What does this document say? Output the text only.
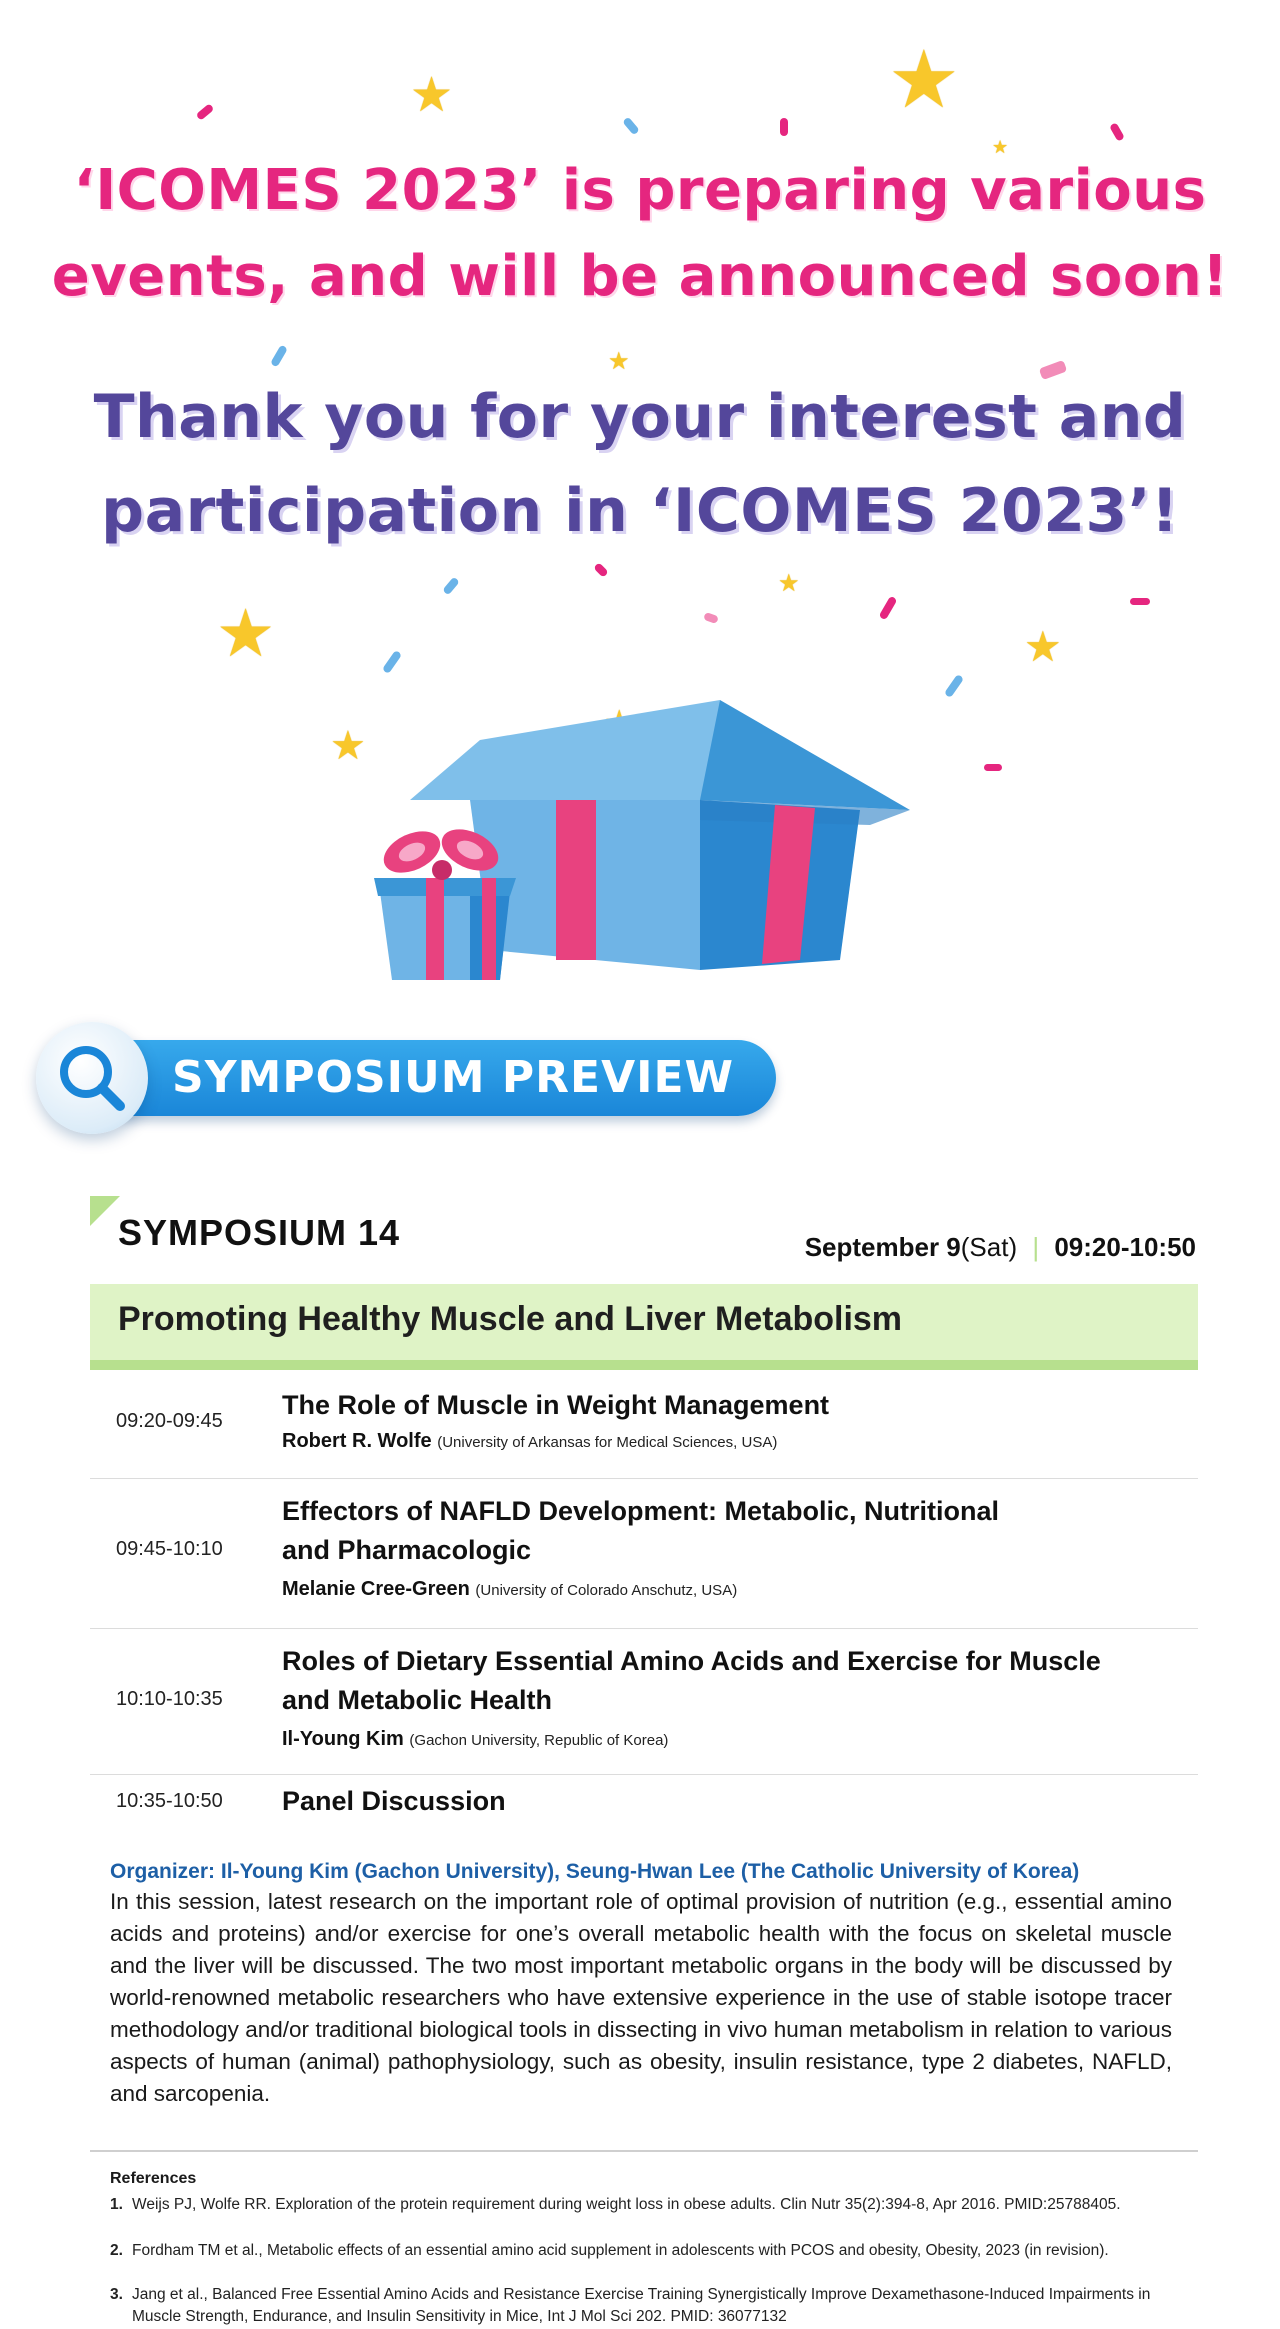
★
★
★
★
★
★
★
★
‘ICOMES 2023’ is preparing various
events, and will be announced soon!
Thank you for your interest and
participation in ‘ICOMES 2023’!
SYMPOSIUM PREVIEW
SYMPOSIUM 14	September 9(Sat) | 09:20-10:50
Promoting Healthy Muscle and Liver Metabolism
09:20-09:45
The Role of Muscle in Weight Management
Robert R. Wolfe (University of Arkansas for Medical Sciences, USA)
09:45-10:10
Effectors of NAFLD Development: Metabolic, Nutritional
and Pharmacologic
Melanie Cree-Green (University of Colorado Anschutz, USA)
10:10-10:35
Roles of Dietary Essential Amino Acids and Exercise for Muscle
and Metabolic Health
Il-Young Kim (Gachon University, Republic of Korea)
10:35-10:50 Panel Discussion
Organizer: Il-Young Kim (Gachon University), Seung-Hwan Lee (The Catholic University of Korea)
In this session, latest research on the important role of optimal provision of nutrition (e.g., essential amino acids and proteins) and/or exercise for one’s overall metabolic health with the focus on skeletal muscle and the liver will be discussed. The two most important metabolic organs in the body will be discussed by world-renowned metabolic researchers who have extensive experience in the use of stable isotope tracer methodology and/or traditional biological tools in dissecting in vivo human metabolism in relation to various aspects of human (animal) pathophysiology, such as obesity, insulin resistance, type 2 diabetes, NAFLD, and sarcopenia.
References
1. Weijs PJ, Wolfe RR. Exploration of the protein requirement during weight loss in obese adults. Clin Nutr 35(2):394-8, Apr 2016. PMID:25788405.
2. Fordham TM et al., Metabolic effects of an essential amino acid supplement in adolescents with PCOS and obesity, Obesity, 2023 (in revision).
3. Jang et al., Balanced Free Essential Amino Acids and Resistance Exercise Training Synergistically Improve Dexamethasone-Induced Impairments in Muscle Strength, Endurance, and Insulin Sensitivity in Mice, Int J Mol Sci 202. PMID: 36077132
